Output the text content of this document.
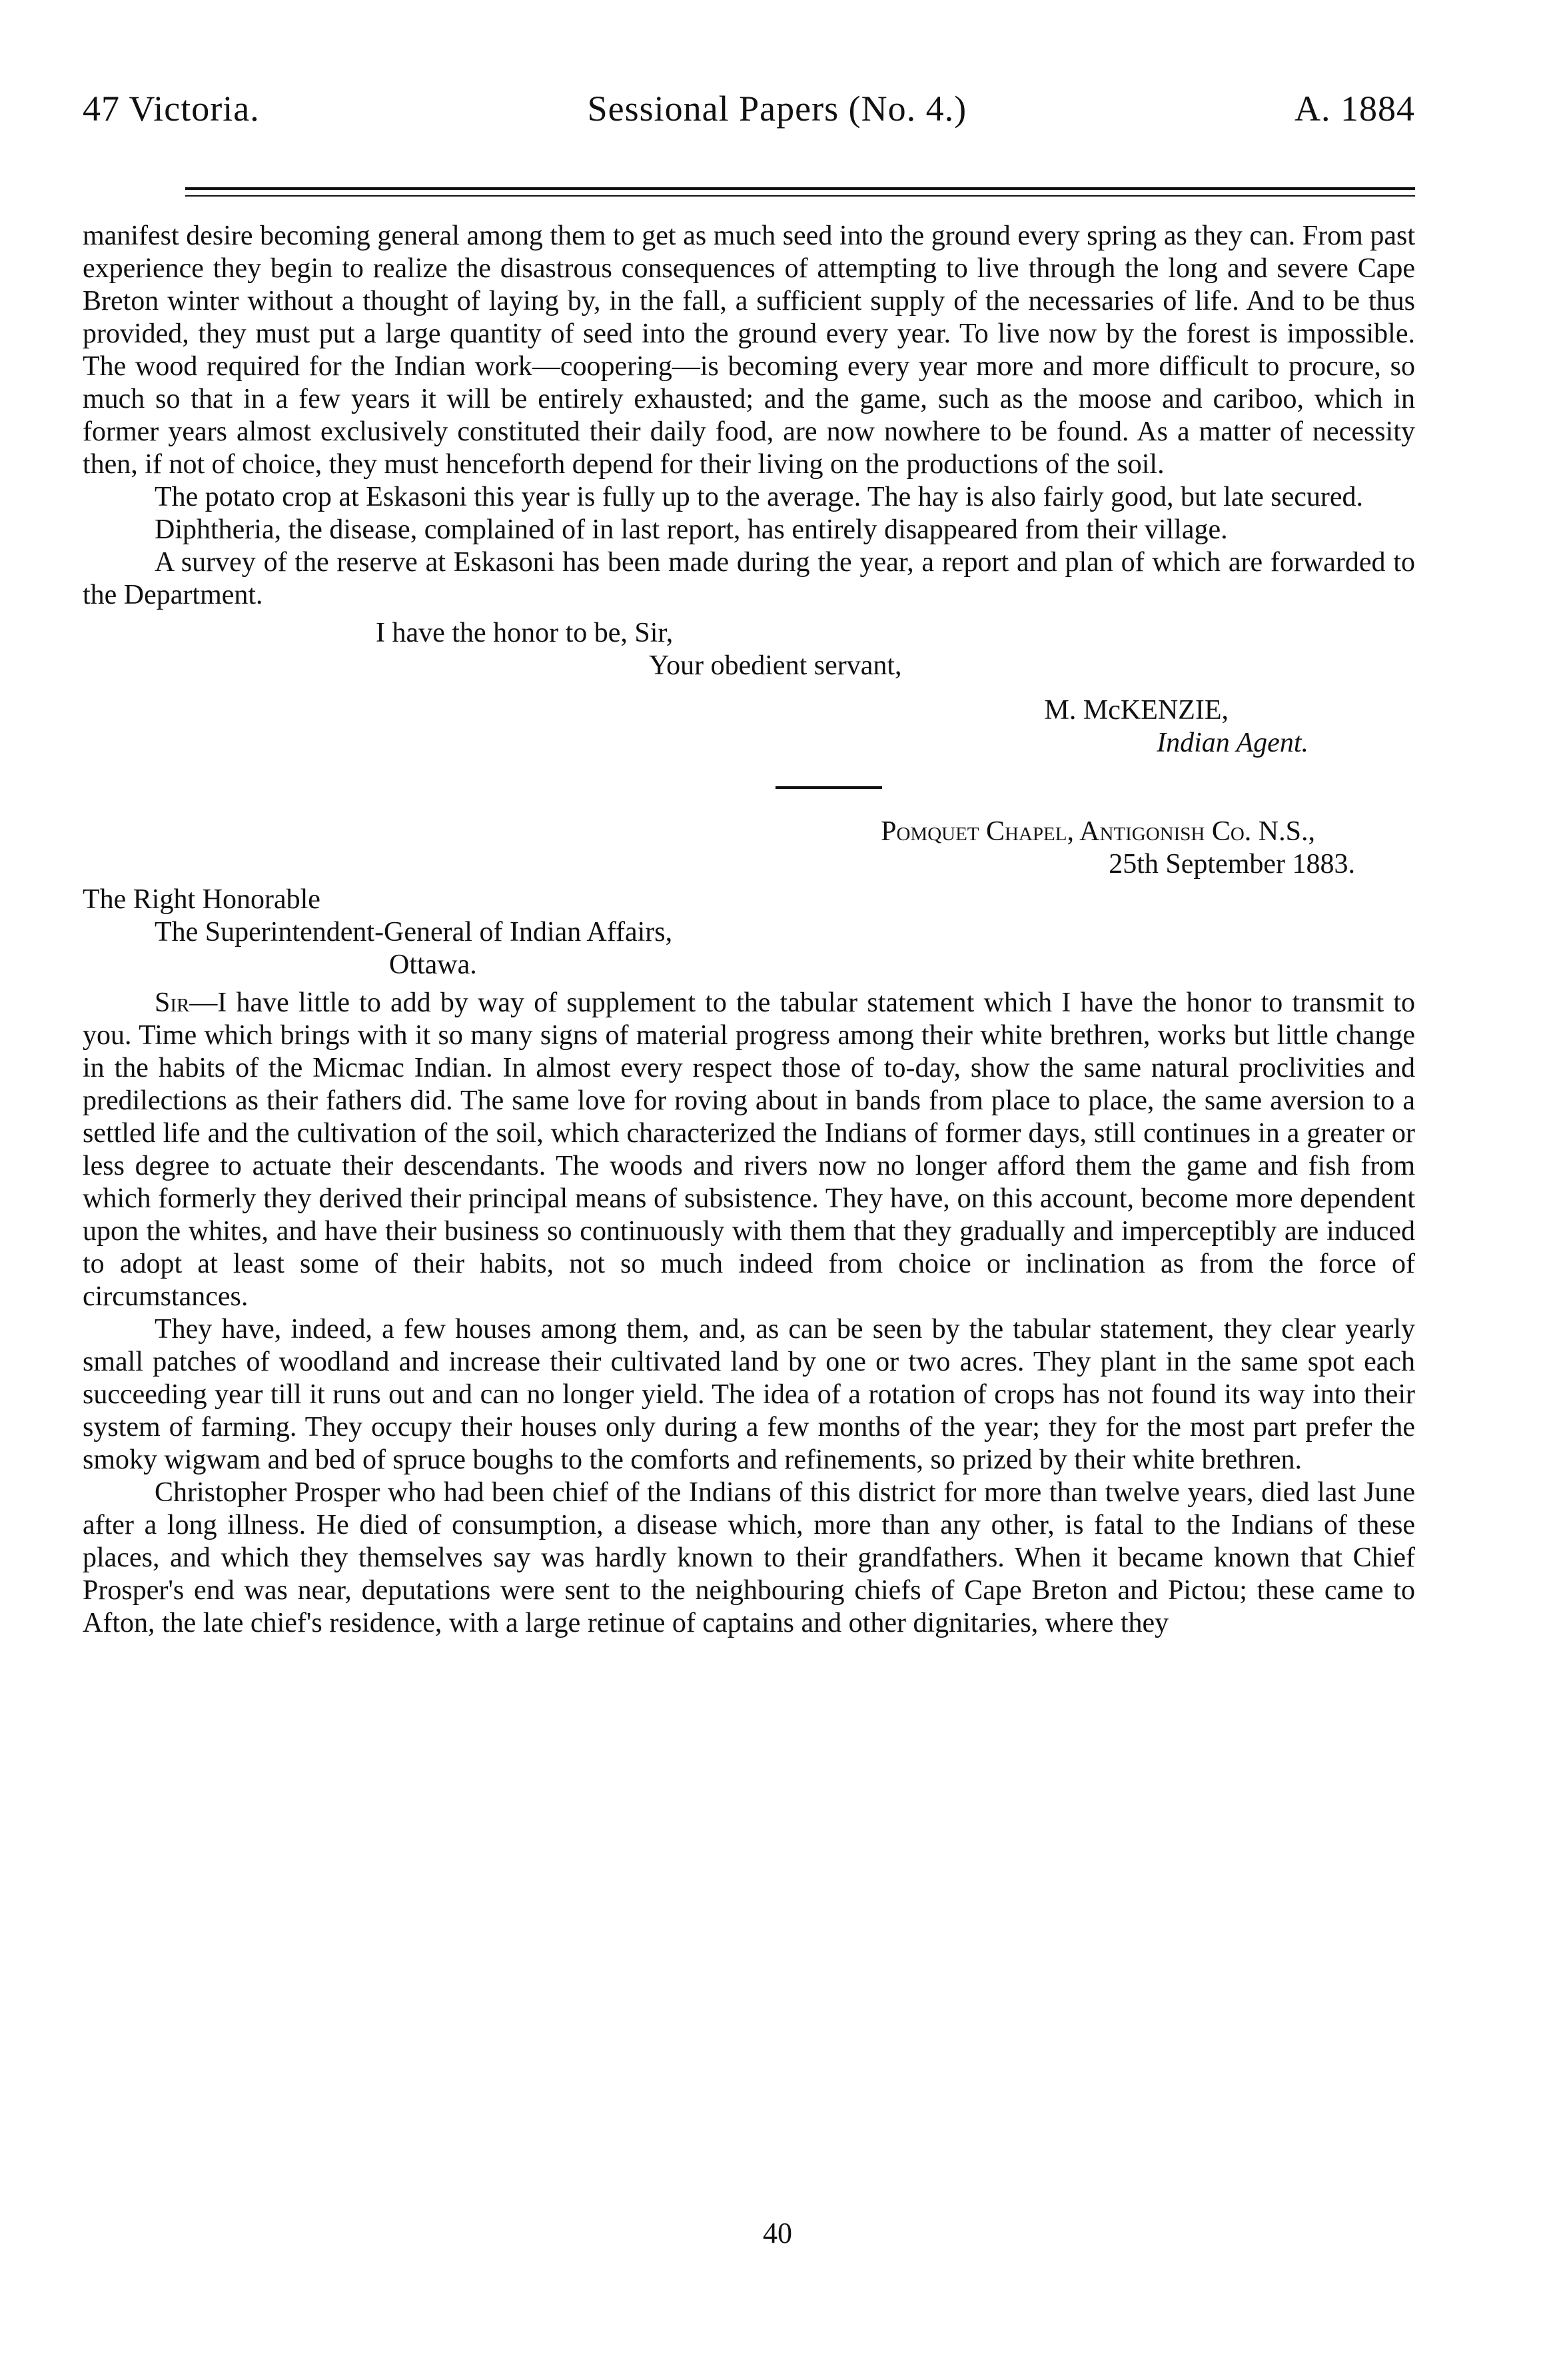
47 Victoria.	Sessional Papers (No. 4.)	A. 1884

manifest desire becoming general among them to get as much seed into the ground every spring as they can. From past experience they begin to realize the disastrous consequences of attempting to live through the long and severe Cape Breton winter without a thought of laying by, in the fall, a sufficient supply of the necessaries of life. And to be thus provided, they must put a large quantity of seed into the ground every year. To live now by the forest is impossible. The wood required for the Indian work—coopering—is becoming every year more and more difficult to procure, so much so that in a few years it will be entirely exhausted; and the game, such as the moose and cariboo, which in former years almost exclusively constituted their daily food, are now nowhere to be found. As a matter of necessity then, if not of choice, they must henceforth depend for their living on the productions of the soil.

The potato crop at Eskasoni this year is fully up to the average. The hay is also fairly good, but late secured.

Diphtheria, the disease, complained of in last report, has entirely disappeared from their village.

A survey of the reserve at Eskasoni has been made during the year, a report and plan of which are forwarded to the Department.

I have the honor to be, Sir,

Your obedient servant,

M. McKENZIE,

Indian Agent.

Pomquet Chapel, Antigonish Co. N.S.,

25th September 1883.

The Right Honorable
The Superintendent-General of Indian Affairs,
Ottawa.

Sir—I have little to add by way of supplement to the tabular statement which I have the honor to transmit to you. Time which brings with it so many signs of material progress among their white brethren, works but little change in the habits of the Micmac Indian. In almost every respect those of to-day, show the same natural proclivities and predilections as their fathers did. The same love for roving about in bands from place to place, the same aversion to a settled life and the cultivation of the soil, which characterized the Indians of former days, still continues in a greater or less degree to actuate their descendants. The woods and rivers now no longer afford them the game and fish from which formerly they derived their principal means of subsistence. They have, on this account, become more dependent upon the whites, and have their business so continuously with them that they gradually and imperceptibly are induced to adopt at least some of their habits, not so much indeed from choice or inclination as from the force of circumstances.

They have, indeed, a few houses among them, and, as can be seen by the tabular statement, they clear yearly small patches of woodland and increase their cultivated land by one or two acres. They plant in the same spot each succeeding year till it runs out and can no longer yield. The idea of a rotation of crops has not found its way into their system of farming. They occupy their houses only during a few months of the year; they for the most part prefer the smoky wigwam and bed of spruce boughs to the comforts and refinements, so prized by their white brethren.

Christopher Prosper who had been chief of the Indians of this district for more than twelve years, died last June after a long illness. He died of consumption, a disease which, more than any other, is fatal to the Indians of these places, and which they themselves say was hardly known to their grandfathers. When it became known that Chief Prosper's end was near, deputations were sent to the neighbouring chiefs of Cape Breton and Pictou; these came to Afton, the late chief's residence, with a large retinue of captains and other dignitaries, where they

40
